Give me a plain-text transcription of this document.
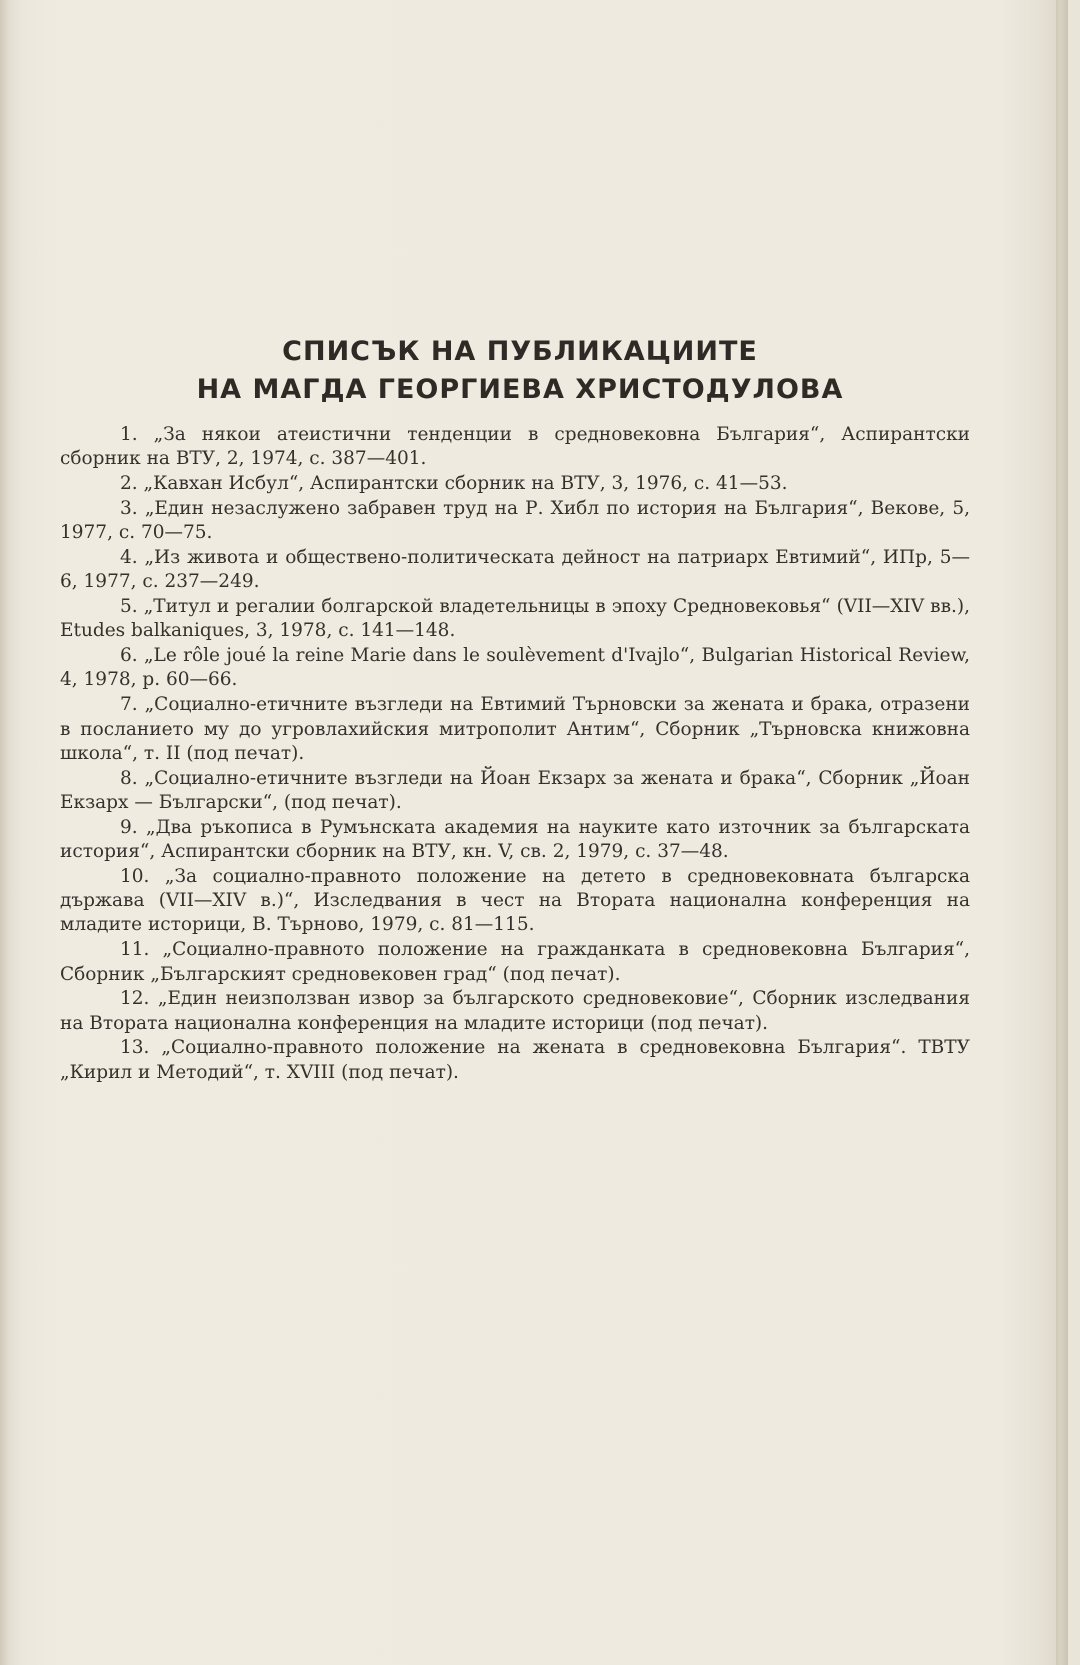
СПИСЪК НА ПУБЛИКАЦИИТЕ
НА МАГДА ГЕОРГИЕВА ХРИСТОДУЛОВА
1. „За някои атеистични тенденции в средновековна България“, Аспирантски сборник на ВТУ, 2, 1974, с. 387—401.
2. „Кавхан Исбул“, Аспирантски сборник на ВТУ, 3, 1976, с. 41—53.
3. „Един незаслужено забравен труд на Р. Хибл по история на България“, Векове, 5, 1977, с. 70—75.
4. „Из живота и обществено-политическата дейност на патриарх Евтимий“, ИПр, 5—6, 1977, с. 237—249.
5. „Титул и регалии болгарской владетельницы в эпоху Средновековья“ (VII—XIV вв.), Etudes balkaniques, 3, 1978, с. 141—148.
6. „Le rôle joué la reine Marie dans le soulèvement d'Ivajlo“, Bulgarian Historical Review, 4, 1978, p. 60—66.
7. „Социално-етичните възгледи на Евтимий Търновски за жената и брака, отразени в посланието му до угровлахийския митрополит Антим“, Сборник „Търновска книжовна школа“, т. II (под печат).
8. „Социално-етичните възгледи на Йоан Екзарх за жената и брака“, Сборник „Йоан Екзарх — Български“, (под печат).
9. „Два ръкописа в Румънската академия на науките като източник за българската история“, Аспирантски сборник на ВТУ, кн. V, св. 2, 1979, с. 37—48.
10. „За социално-правното положение на детето в средновековната българска държава (VII—XIV в.)“, Изследвания в чест на Втората национална конференция на младите историци, В. Търново, 1979, с. 81—115.
11. „Социално-правното положение на гражданката в средновековна България“, Сборник „Българският средновековен град“ (под печат).
12. „Един неизползван извор за българското средновековие“, Сборник изследвания на Втората национална конференция на младите историци (под печат).
13. „Социално-правното положение на жената в средновековна България“. ТВТУ „Кирил и Методий“, т. XVIII (под печат).
